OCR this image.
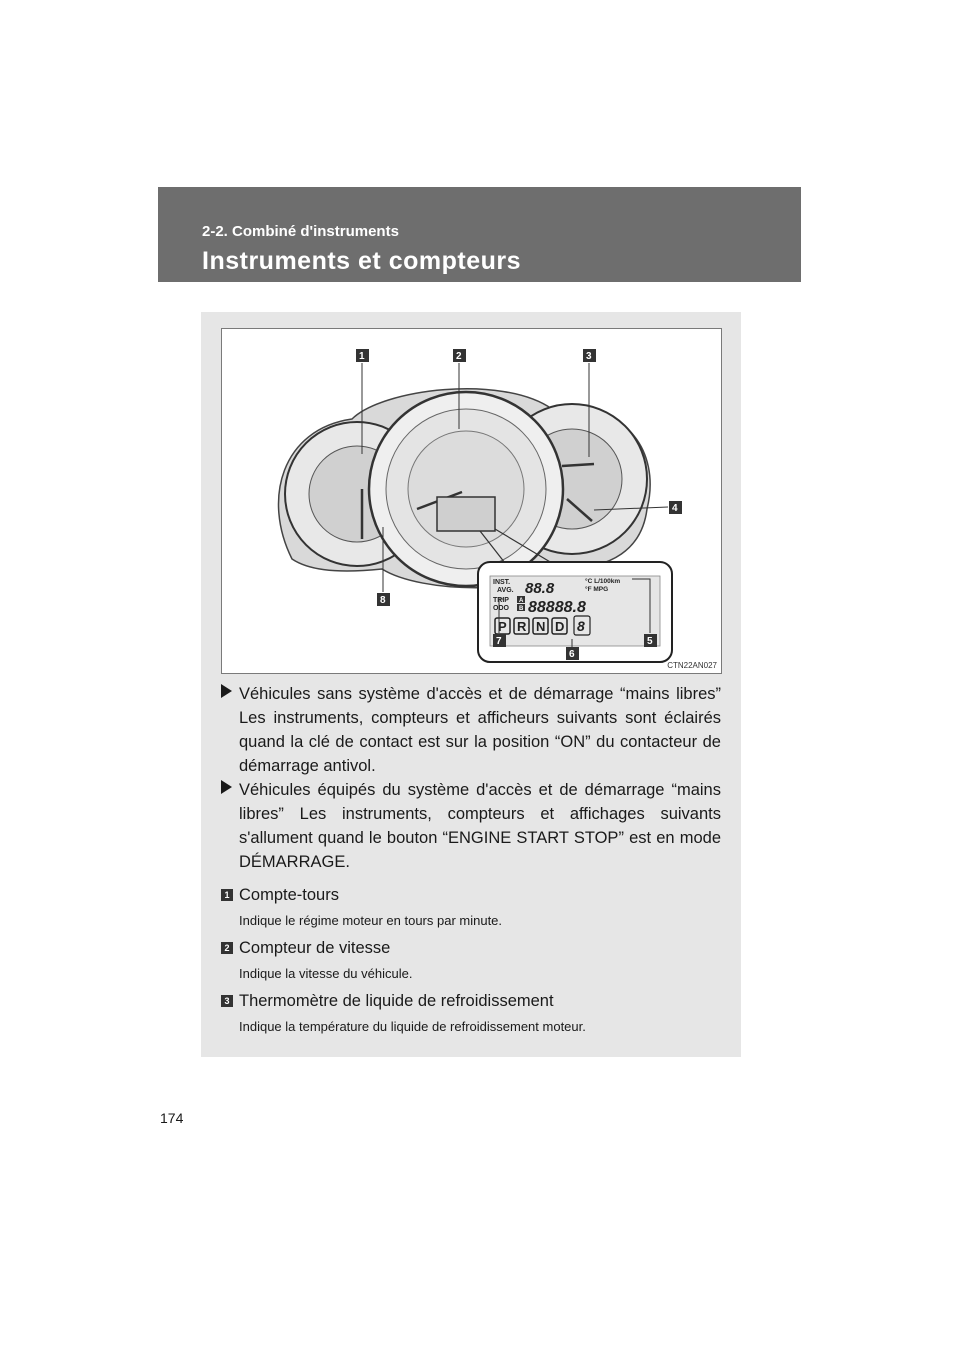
2-2. Combiné d'instruments
Instruments et compteurs
INST.
AVG. 88.8	°C L/100km
°F MPG
TRIP
ODO
A
B 88888.8
P R N D 8
1	2	3
4
5
6
7
8
CTN22AN027
Véhicules sans système d'accès et de démarrage “mains libres” Les instruments, compteurs et afficheurs suivants sont éclairés quand la clé de contact est sur la position “ON” du contacteur de démarrage antivol.
Véhicules équipés du système d'accès et de démarrage “mains libres” Les instruments, compteurs et affichages suivants s'allument quand le bouton “ENGINE START STOP” est en mode DÉMARRAGE.
1 Compte-tours
Indique le régime moteur en tours par minute.
2 Compteur de vitesse
Indique la vitesse du véhicule.
3 Thermomètre de liquide de refroidissement
Indique la température du liquide de refroidissement moteur.
174
